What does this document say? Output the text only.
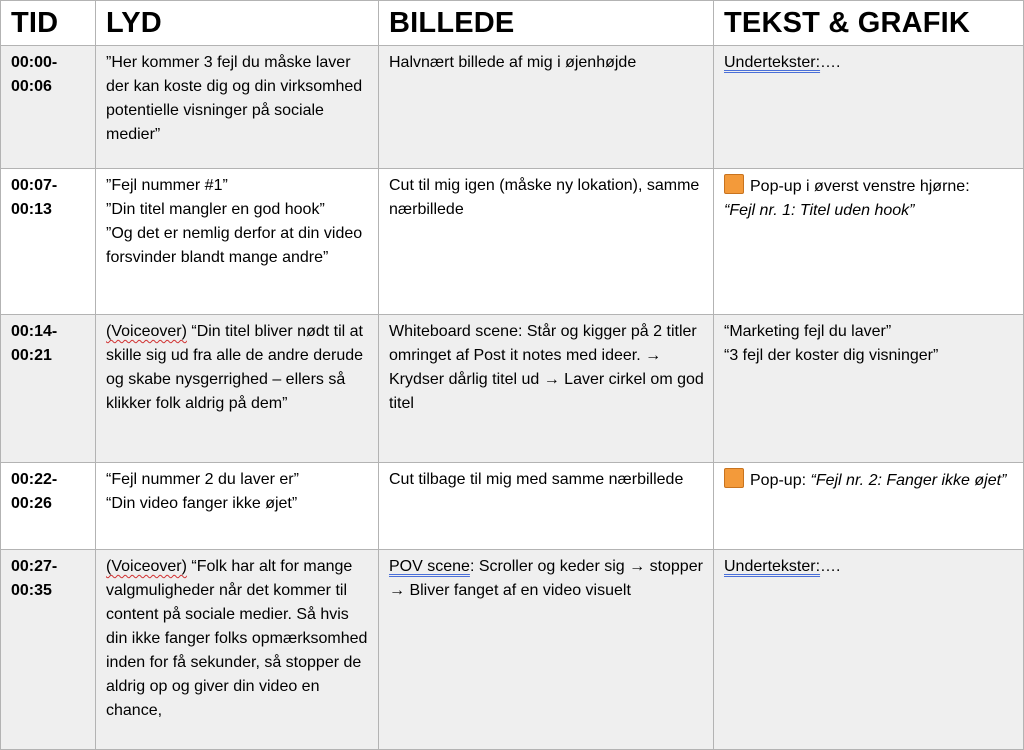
TID	LYD	BILLEDE	TEKST & GRAFIK

00:00-
00:06	”Her kommer 3 fejl du måske laver der kan koste dig og din virksomhed potentielle visninger på sociale medier”	Halvnært billede af mig i øjenhøjde	Undertekster:….

00:07-
00:13	”Fejl nummer #1”
”Din titel mangler en god hook”
”Og det er nemlig derfor at din video forsvinder blandt mange andre”	Cut til mig igen (måske ny lokation), samme nærbillede	Pop-up i øverst venstre hjørne:
“Fejl nr. 1: Titel uden hook”

00:14-
00:21	(Voiceover) “Din titel bliver nødt til at skille sig ud fra alle de andre derude og skabe nysgerrighed – ellers så klikker folk aldrig på dem”	Whiteboard scene: Står og kigger på 2 titler omringet af Post it notes med ideer. → Krydser dårlig titel ud → Laver cirkel om god titel	“Marketing fejl du laver”
“3 fejl der koster dig visninger”

00:22-
00:26	“Fejl nummer 2 du laver er”
“Din video fanger ikke øjet”	Cut tilbage til mig med samme nærbillede	Pop-up: “Fejl nr. 2: Fanger ikke øjet”

00:27-
00:35	(Voiceover) “Folk har alt for mange valgmuligheder når det kommer til content på sociale medier. Så hvis din ikke fanger folks opmærksomhed inden for få sekunder, så stopper de aldrig op og giver din video en chance,	POV scene: Scroller og keder sig → stopper → Bliver fanget af en video visuelt	Undertekster:….
